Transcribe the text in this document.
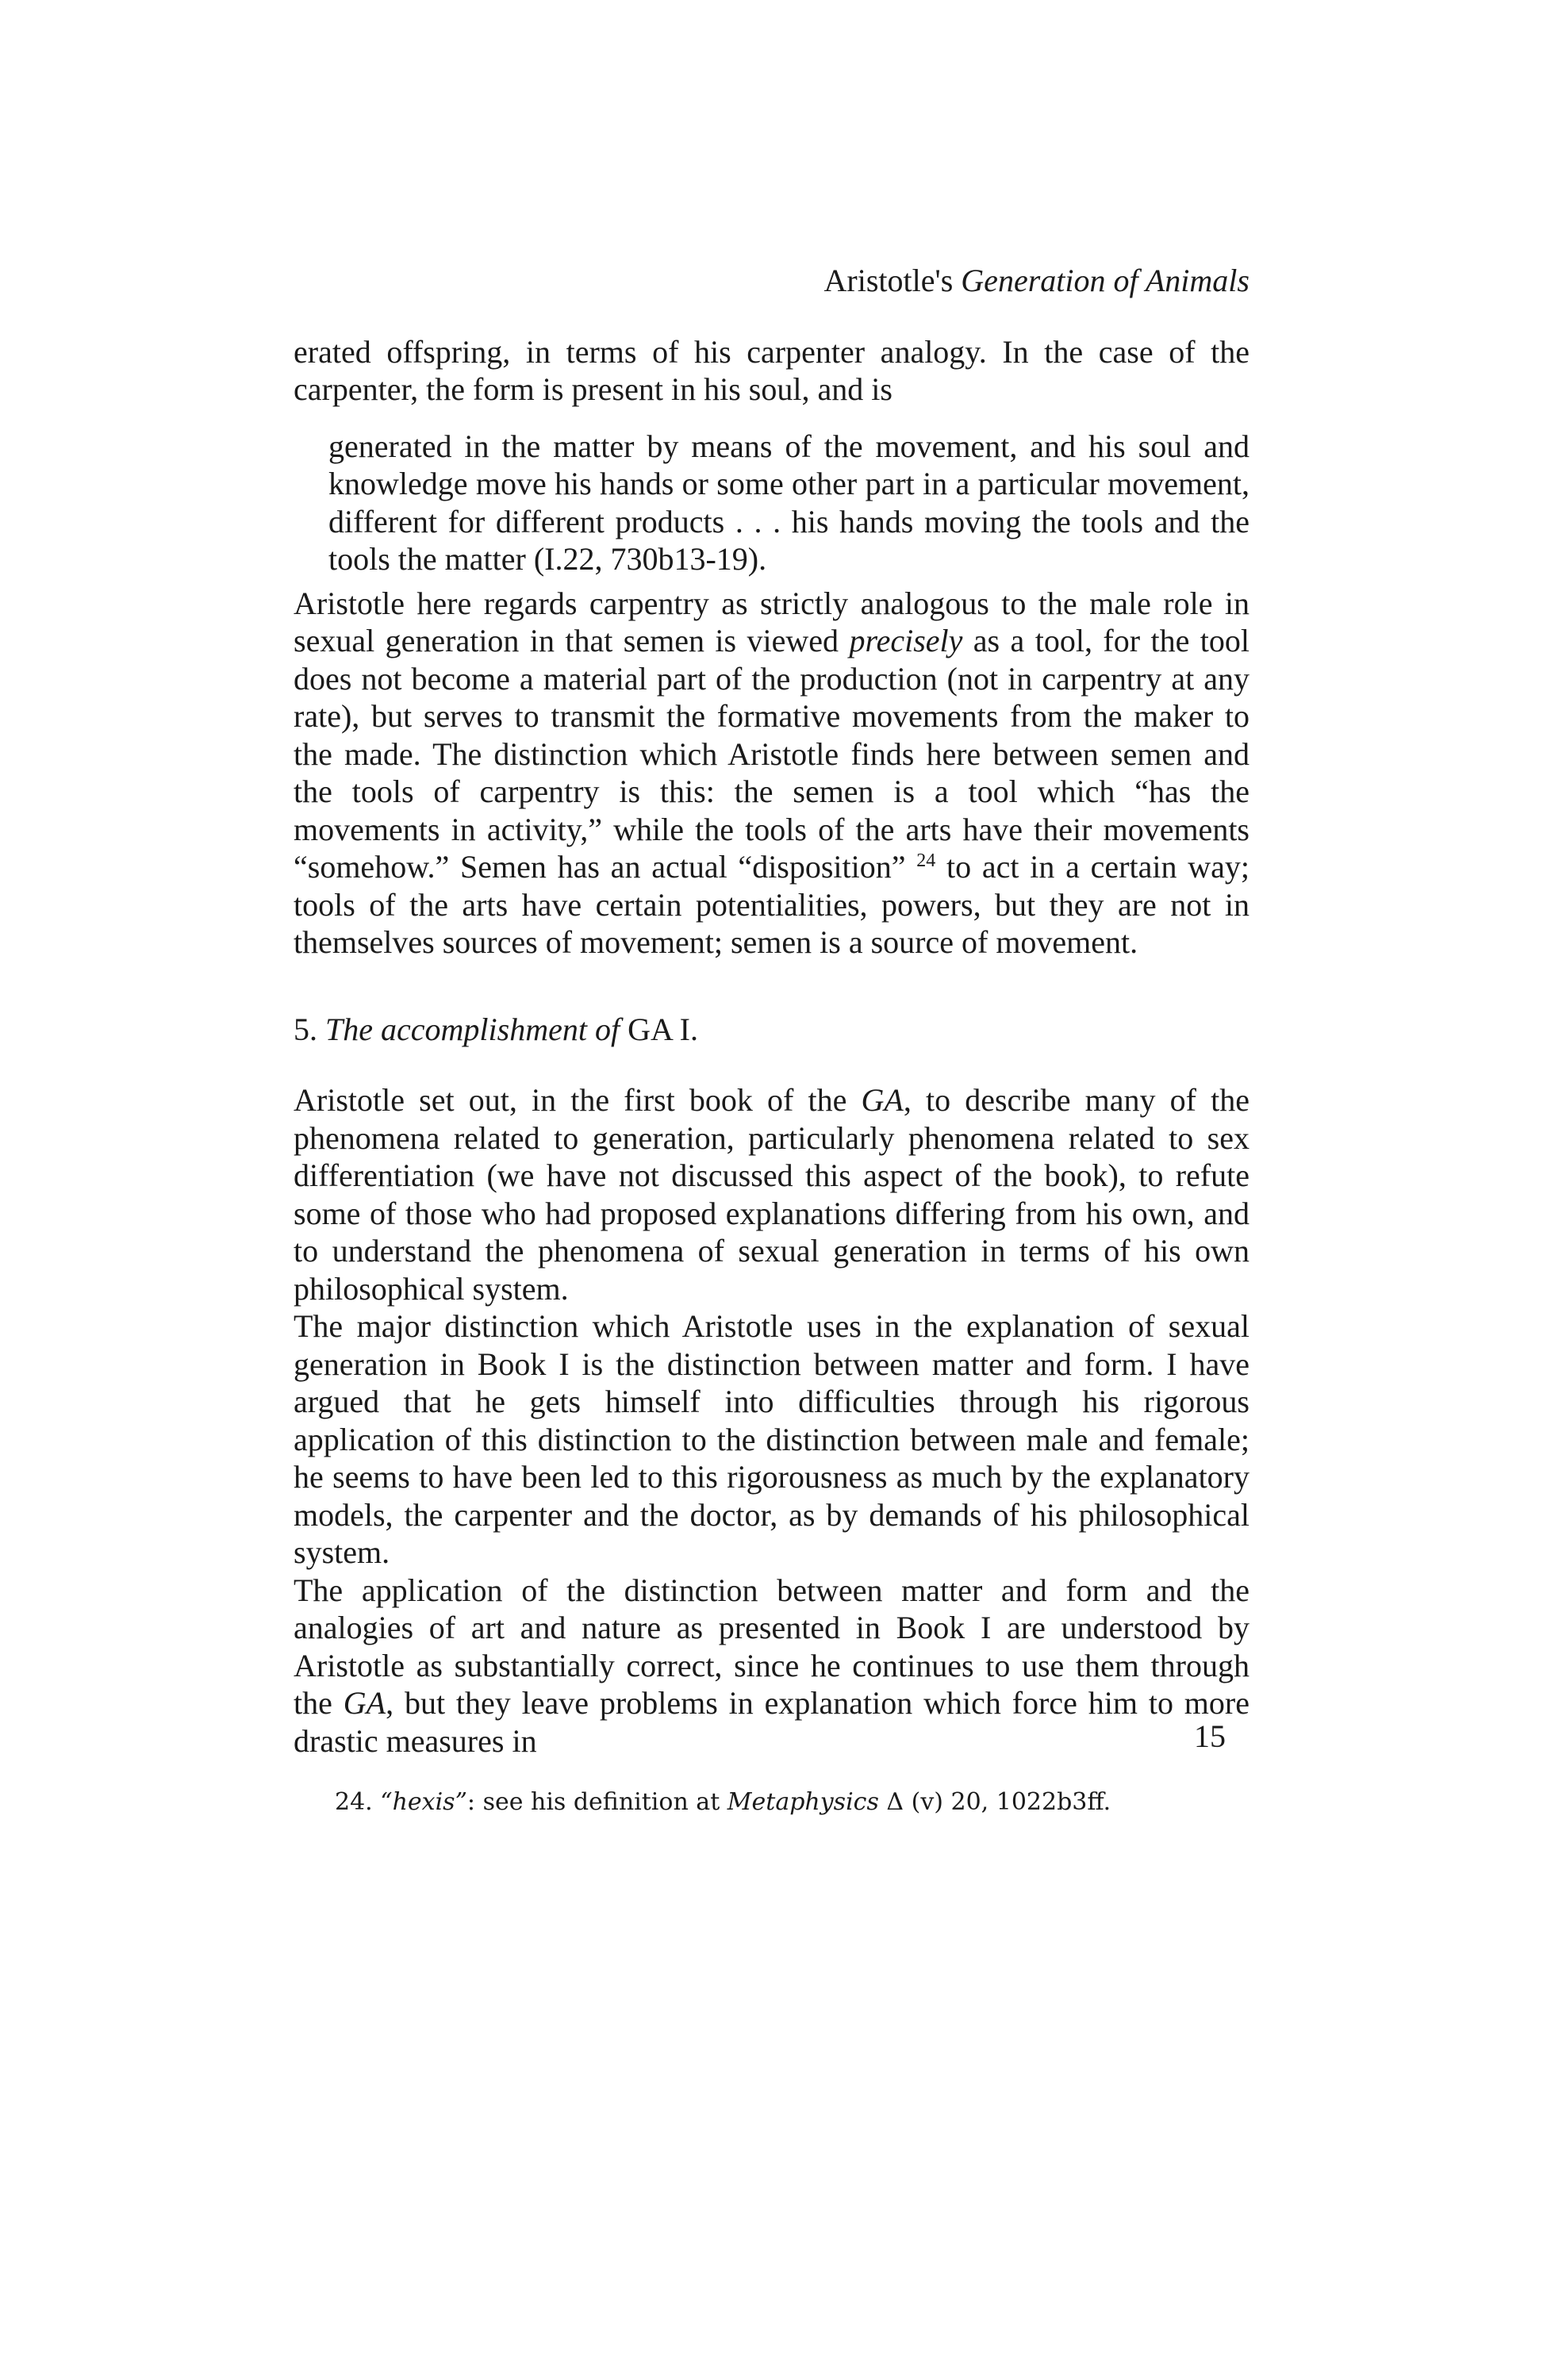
Aristotle's Generation of Animals

erated offspring, in terms of his carpenter analogy. In the case of the carpenter, the form is present in his soul, and is

generated in the matter by means of the movement, and his soul and knowledge move his hands or some other part in a particular movement, different for different products . . . his hands moving the tools and the tools the matter (I.22, 730b13-19).

Aristotle here regards carpentry as strictly analogous to the male role in sexual generation in that semen is viewed precisely as a tool, for the tool does not become a material part of the production (not in carpentry at any rate), but serves to transmit the formative movements from the maker to the made. The distinction which Aristotle finds here between semen and the tools of carpentry is this: the semen is a tool which “has the movements in activity,” while the tools of the arts have their movements “somehow.” Semen has an actual “disposition” $^{24}$ to act in a certain way; tools of the arts have certain potentialities, powers, but they are not in themselves sources of movement; semen is a source of movement.

5. The accomplishment of GA I.

Aristotle set out, in the first book of the GA, to describe many of the phenomena related to generation, particularly phenomena related to sex differentiation (we have not discussed this aspect of the book), to refute some of those who had proposed explanations differing from his own, and to understand the phenomena of sexual generation in terms of his own philosophical system.

The major distinction which Aristotle uses in the explanation of sexual generation in Book I is the distinction between matter and form. I have argued that he gets himself into difficulties through his rigorous application of this distinction to the distinction between male and female; he seems to have been led to this rigorousness as much by the explanatory models, the carpenter and the doctor, as by demands of his philosophical system.

The application of the distinction between matter and form and the analogies of art and nature as presented in Book I are understood by Aristotle as substantially correct, since he continues to use them through the GA, but they leave problems in explanation which force him to more drastic measures in

24. “hexis”: see his definition at Metaphysics Δ (v) 20, 1022b3ff.

15
